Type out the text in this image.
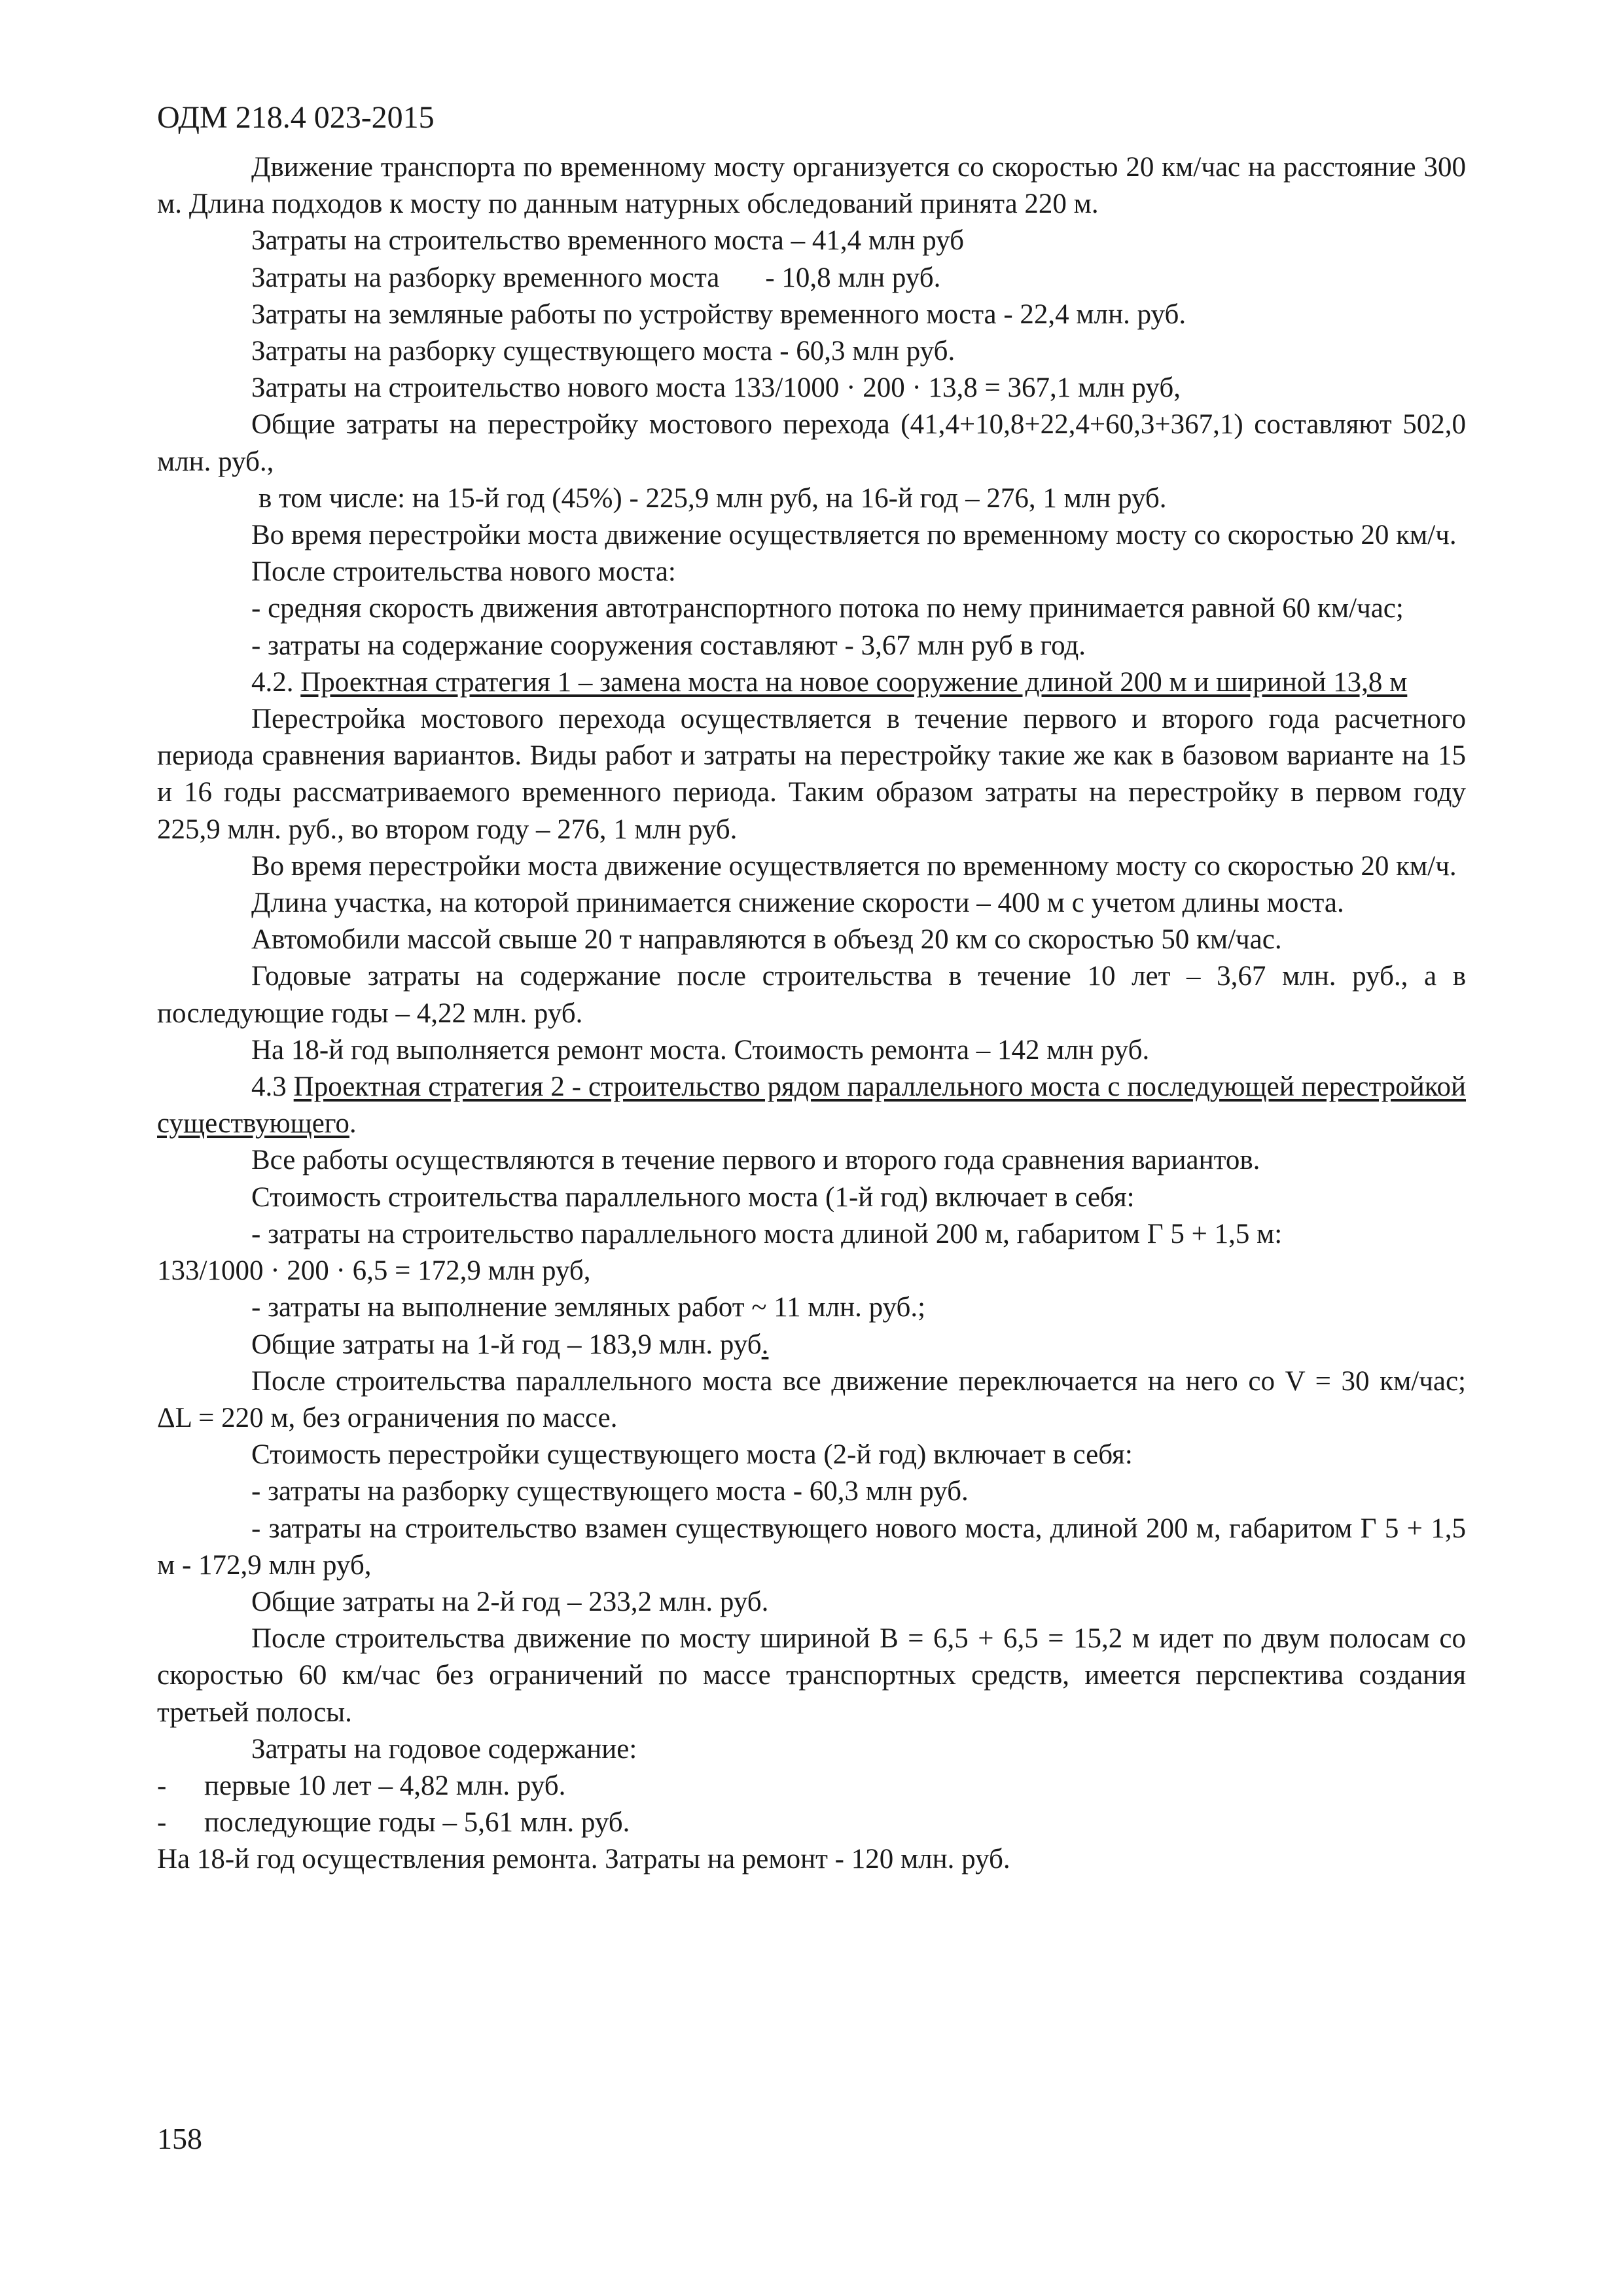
ОДМ 218.4 023-2015

Движение транспорта по временному мосту организуется со скоростью 20 км/час на расстояние 300 м. Длина подходов к мосту по данным натурных обследований принята 220 м.

Затраты на строительство временного моста – 41,4 млн руб

Затраты на разборку временного моста - 10,8 млн руб.

Затраты на земляные работы по устройству временного моста - 22,4 млн. руб.

Затраты на разборку существующего моста - 60,3 млн руб.

Затраты на строительство нового моста 133/1000 · 200 · 13,8 = 367,1 млн руб,

Общие затраты на перестройку мостового перехода (41,4+10,8+22,4+60,3+367,1) составляют 502,0 млн. руб.,

в том числе: на 15-й год (45%) - 225,9 млн руб, на 16-й год – 276, 1 млн руб.

Во время перестройки моста движение осуществляется по временному мосту со скоростью 20 км/ч.

После строительства нового моста:

- средняя скорость движения автотранспортного потока по нему принимается равной 60 км/час;

- затраты на содержание сооружения составляют - 3,67 млн руб в год.

4.2. Проектная стратегия 1 – замена моста на новое сооружение длиной 200 м и шириной 13,8 м

Перестройка мостового перехода осуществляется в течение первого и второго года расчетного периода сравнения вариантов. Виды работ и затраты на перестройку такие же как в базовом варианте на 15 и 16 годы рассматриваемого временного периода. Таким образом затраты на перестройку в первом году 225,9 млн. руб., во втором году – 276, 1 млн руб.

Во время перестройки моста движение осуществляется по временному мосту со скоростью 20 км/ч.

Длина участка, на которой принимается снижение скорости – 400 м с учетом длины моста.

Автомобили массой свыше 20 т направляются в объезд 20 км со скоростью 50 км/час.

Годовые затраты на содержание после строительства в течение 10 лет – 3,67 млн. руб., а в последующие годы – 4,22 млн. руб.

На 18-й год выполняется ремонт моста. Стоимость ремонта – 142 млн руб.

4.3 Проектная стратегия 2 - строительство рядом параллельного моста с последующей перестройкой существующего.

Все работы осуществляются в течение первого и второго года сравнения вариантов.

Стоимость строительства параллельного моста (1-й год) включает в себя:

- затраты на строительство параллельного моста длиной 200 м, габаритом Г 5 + 1,5 м:

133/1000 · 200 · 6,5 = 172,9 млн руб,

- затраты на выполнение земляных работ ~ 11 млн. руб.;

Общие затраты на 1-й год – 183,9 млн. руб.

После строительства параллельного моста все движение переключается на него со V = 30 км/час; ΔL = 220 м, без ограничения по массе.

Стоимость перестройки существующего моста (2-й год) включает в себя:

- затраты на разборку существующего моста - 60,3 млн руб.

- затраты на строительство взамен существующего нового моста, длиной 200 м, габаритом Г 5 + 1,5 м - 172,9 млн руб,

Общие затраты на 2-й год – 233,2 млн. руб.

После строительства движение по мосту шириной В = 6,5 + 6,5 = 15,2 м идет по двум полосам со скоростью 60 км/час без ограничений по массе транспортных средств, имеется перспектива создания третьей полосы.

Затраты на годовое содержание:

-	первые 10 лет – 4,82 млн. руб.

-	последующие годы – 5,61 млн. руб.

На 18-й год осуществления ремонта. Затраты на ремонт - 120 млн. руб.

158
